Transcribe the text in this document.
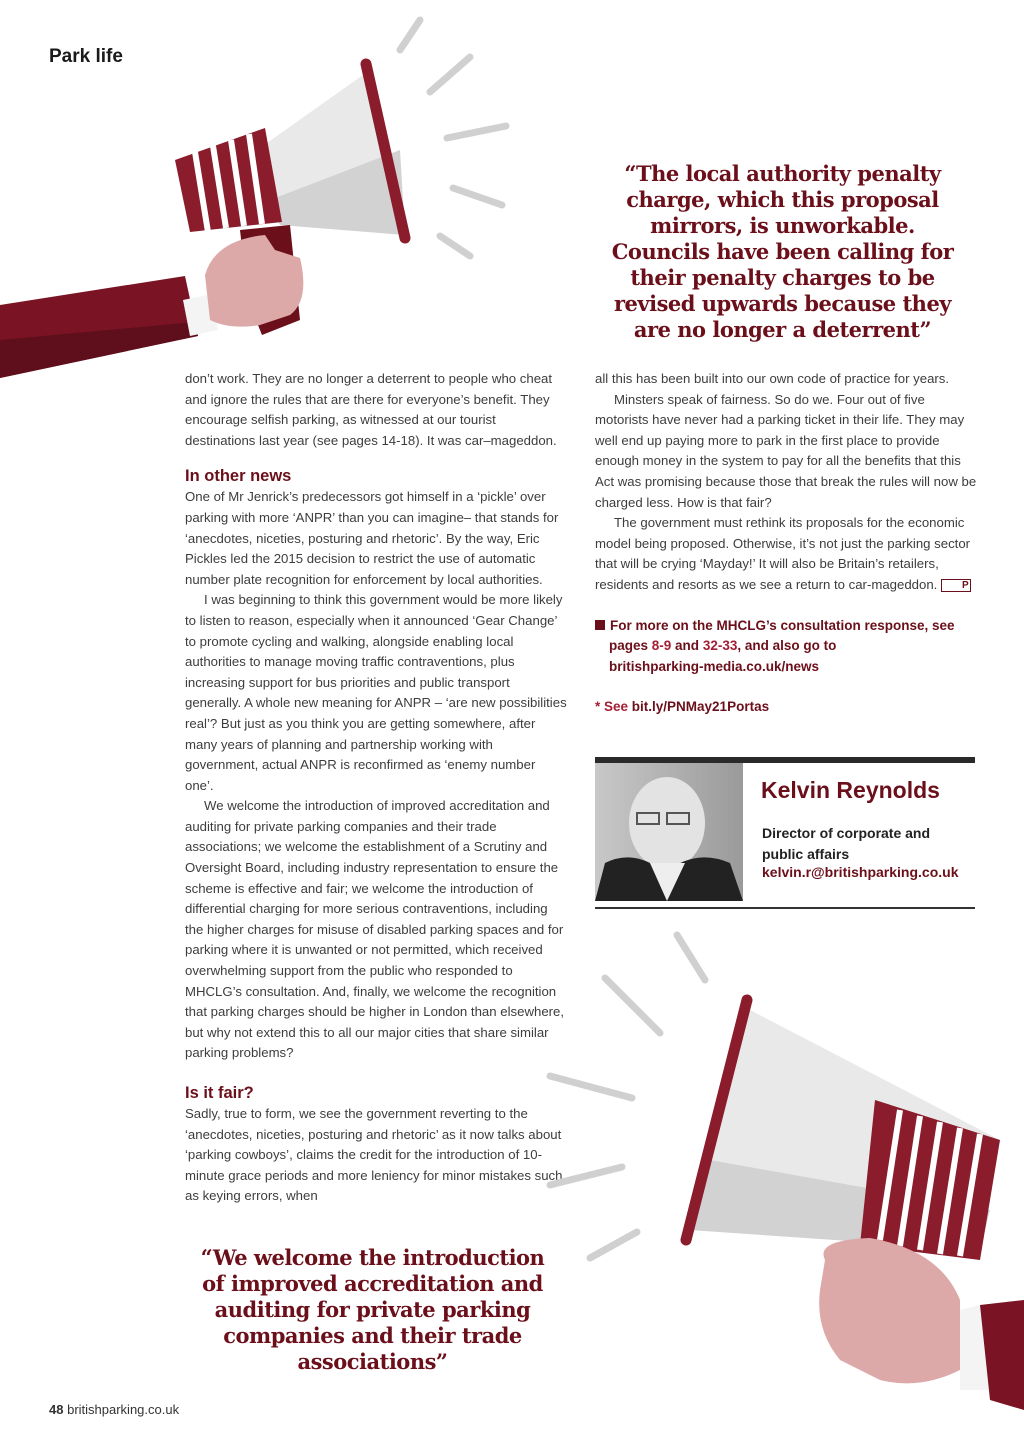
Park life
“The local authority penalty charge, which this proposal mirrors, is unworkable. Councils have been calling for their penalty charges to be revised upwards because they are no longer a deterrent”

don’t work. They are no longer a deterrent to people who cheat and ignore the rules that are there for everyone’s benefit. They encourage selfish parking, as witnessed at our tourist destinations last year (see pages 14-18). It was car–mageddon.

In other news

One of Mr Jenrick’s predecessors got himself in a ‘pickle’ over parking with more ‘ANPR’ than you can imagine– that stands for ‘anecdotes, niceties, posturing and rhetoric’. By the way, Eric Pickles led the 2015 decision to restrict the use of automatic number plate recognition for enforcement by local authorities.

I was beginning to think this government would be more likely to listen to reason, especially when it announced ‘Gear Change’ to promote cycling and walking, alongside enabling local authorities to manage moving traffic contraventions, plus increasing support for bus priorities and public transport generally. A whole new meaning for ANPR – ‘are new possibilities real’? But just as you think you are getting somewhere, after many years of planning and partnership working with government, actual ANPR is reconfirmed as ‘enemy number one’.

We welcome the introduction of improved accreditation and auditing for private parking companies and their trade associations; we welcome the establishment of a Scrutiny and Oversight Board, including industry representation to ensure the scheme is effective and fair; we welcome the introduction of differential charging for more serious contraventions, including the higher charges for misuse of disabled parking spaces and for parking where it is unwanted or not permitted, which received overwhelming support from the public who responded to MHCLG’s consultation. And, finally, we welcome the recognition that parking charges should be higher in London than elsewhere, but why not extend this to all our major cities that share similar parking problems?

Is it fair?

Sadly, true to form, we see the government reverting to the ‘anecdotes, niceties, posturing and rhetoric’ as it now talks about ‘parking cowboys’, claims the credit for the introduction of 10-minute grace periods and more leniency for minor mistakes such as keying errors, when

all this has been built into our own code of practice for years.

Minsters speak of fairness. So do we. Four out of five motorists have never had a parking ticket in their life. They may well end up paying more to park in the first place to provide enough money in the system to pay for all the benefits that this Act was promising because those that break the rules will now be charged less. How is that fair?

The government must rethink its proposals for the economic model being proposed. Otherwise, it’s not just the parking sector that will be crying ‘Mayday!’ It will also be Britain’s retailers, residents and resorts as we see a return to car-mageddon. P

For more on the MHCLG’s consultation response, see pages 8-9 and 32-33, and also go to
britishparking-media.co.uk/news

* See bit.ly/PNMay21Portas

Kelvin Reynolds
Director of corporate and public affairs
kelvin.r@britishparking.co.uk
“We welcome the introduction of improved accreditation and auditing for private parking companies and their trade associations”
48 britishparking.co.uk
